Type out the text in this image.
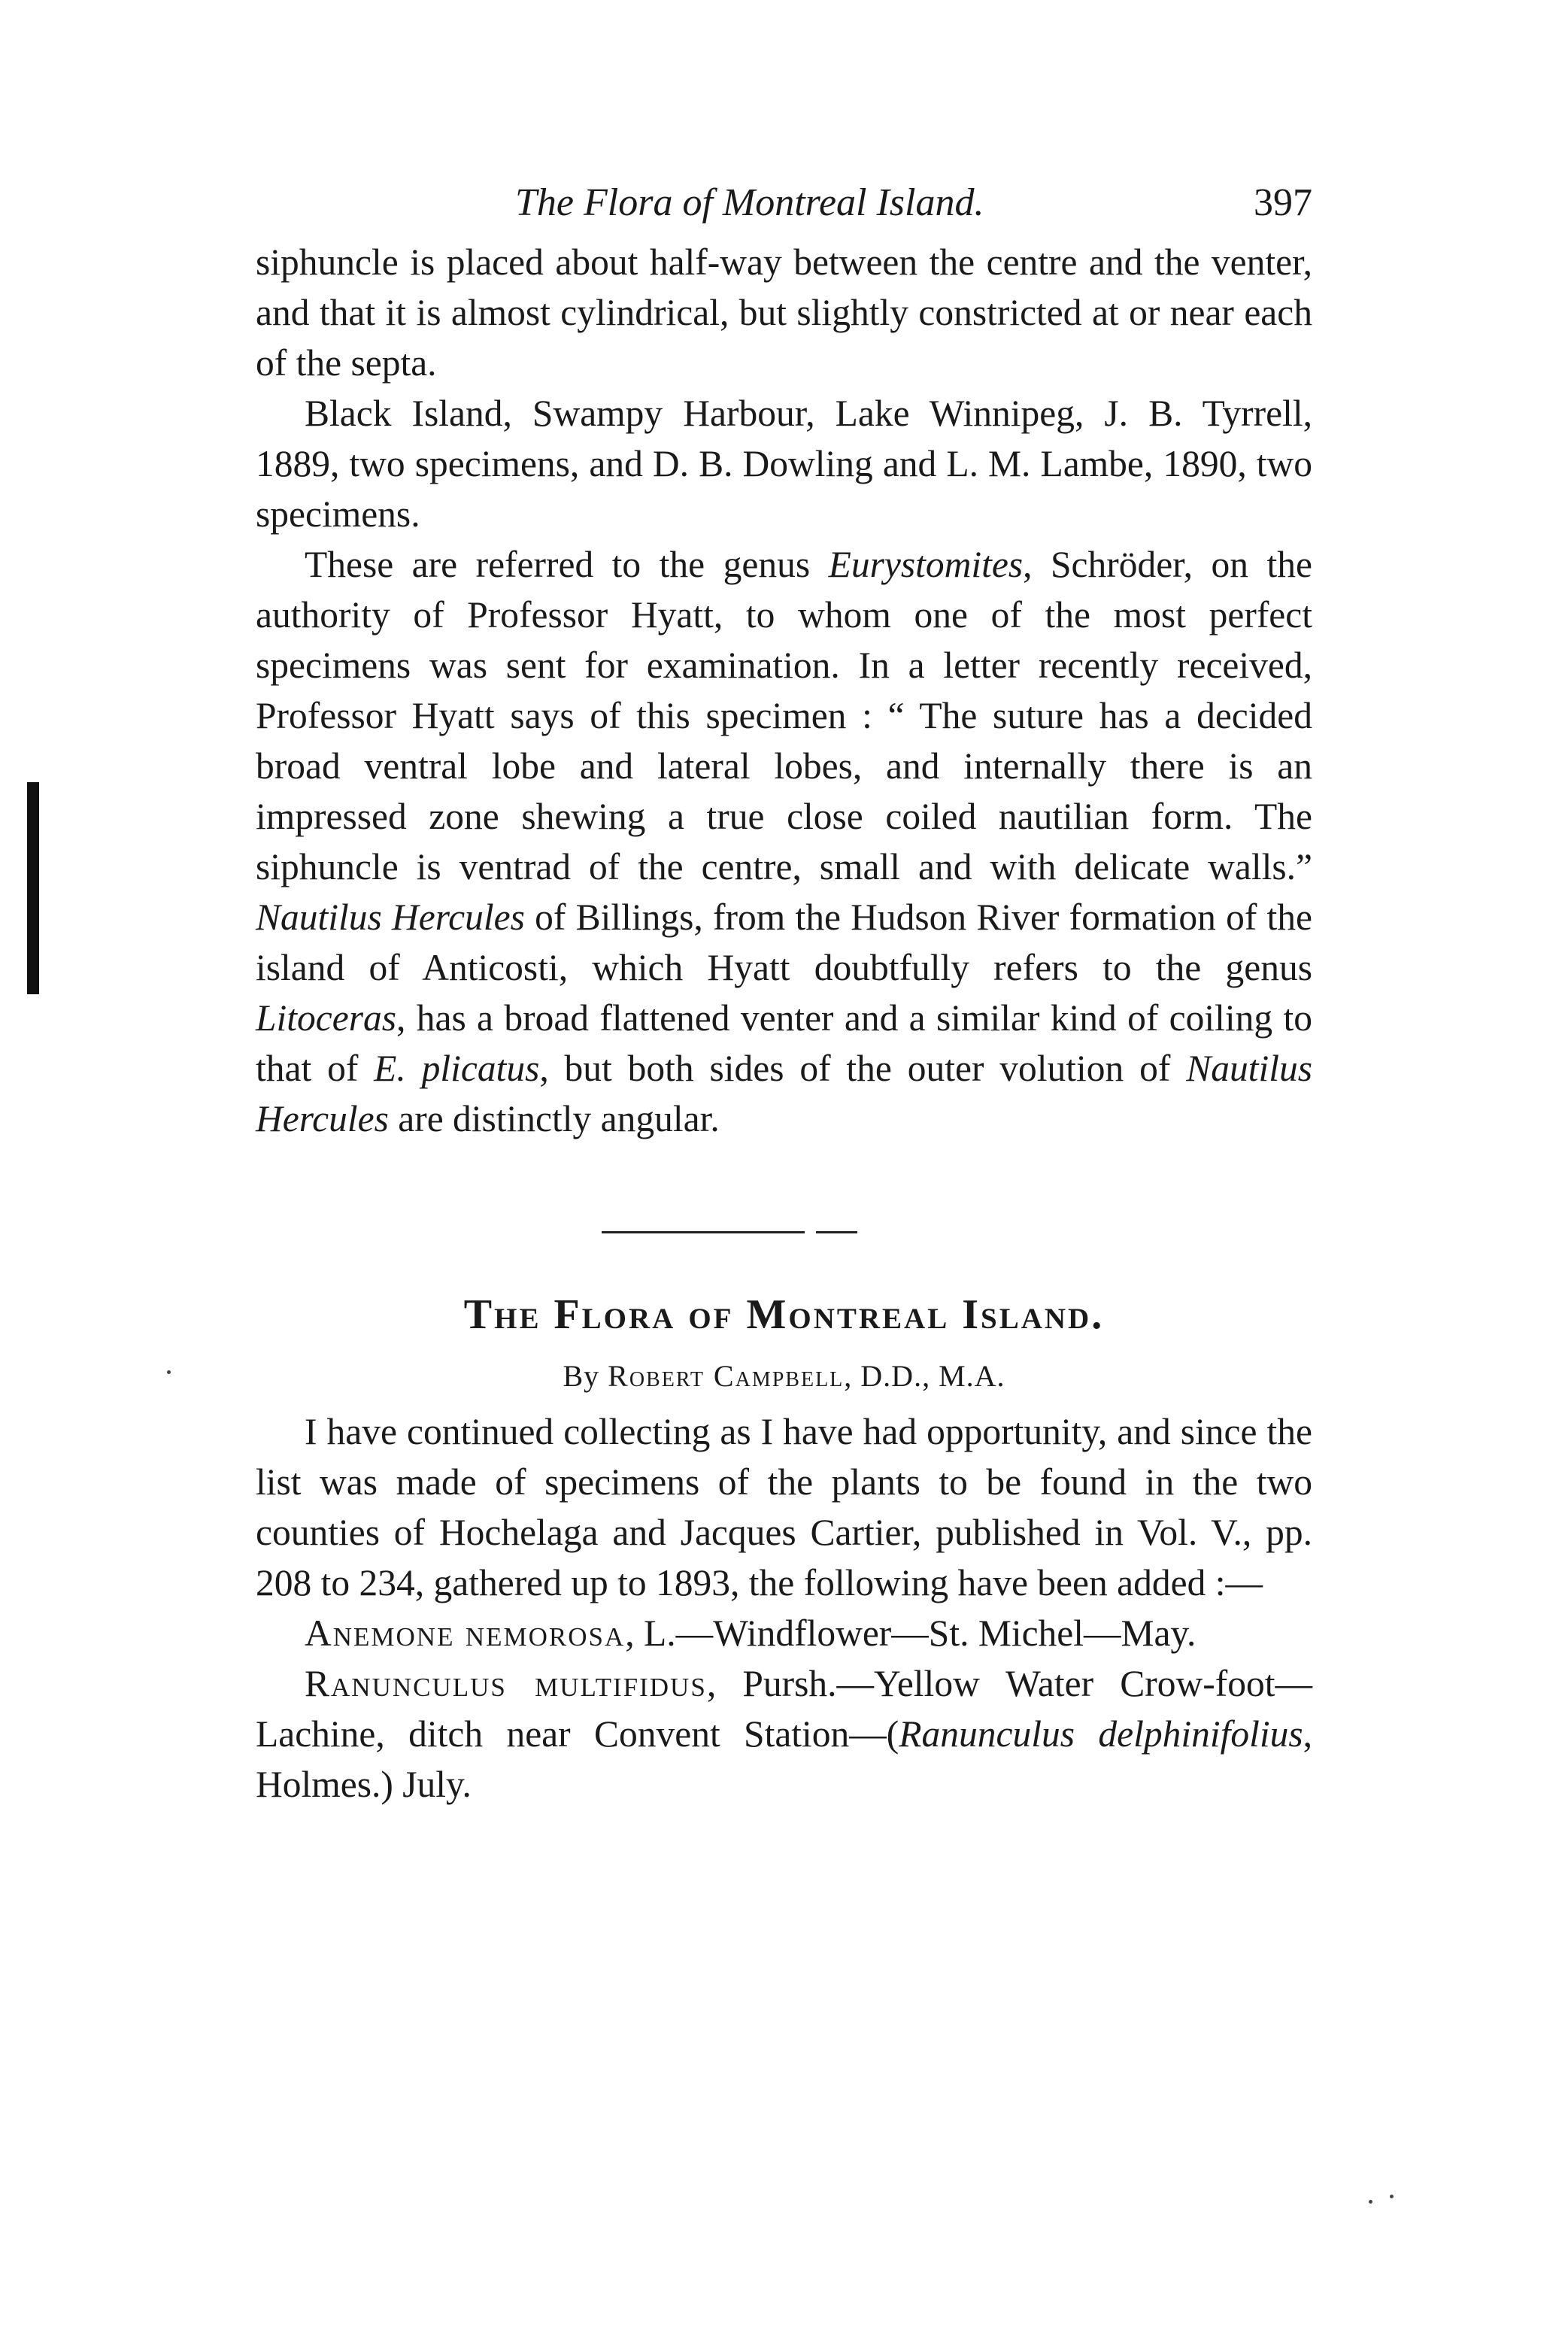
The Flora of Montreal Island.	397

siphuncle is placed about half-way between the centre and the venter, and that it is almost cylindrical, but slightly constricted at or near each of the septa.

Black Island, Swampy Harbour, Lake Winnipeg, J. B. Tyrrell, 1889, two specimens, and D. B. Dowling and L. M. Lambe, 1890, two specimens.

These are referred to the genus Eurystomites, Schröder, on the authority of Professor Hyatt, to whom one of the most perfect specimens was sent for examination. In a letter recently received, Professor Hyatt says of this specimen : “ The suture has a decided broad ventral lobe and lateral lobes, and internally there is an impressed zone shewing a true close coiled nautilian form. The siphuncle is ventrad of the centre, small and with delicate walls.” Nautilus Hercules of Billings, from the Hudson River formation of the island of Anticosti, which Hyatt doubtfully refers to the genus Litoceras, has a broad flattened venter and a similar kind of coiling to that of E. plicatus, but both sides of the outer volution of Nautilus Hercules are distinctly angular.

The Flora of Montreal Island.

By Robert Campbell, D.D., M.A.

I have continued collecting as I have had opportunity, and since the list was made of specimens of the plants to be found in the two counties of Hochelaga and Jacques Cartier, published in Vol. V., pp. 208 to 234, gathered up to 1893, the following have been added :—

Anemone nemorosa, L.—Windflower—St. Michel—May.

Ranunculus multifidus, Pursh.—Yellow Water Crow-foot—Lachine, ditch near Convent Station—(Ranunculus delphinifolius, Holmes.) July.
